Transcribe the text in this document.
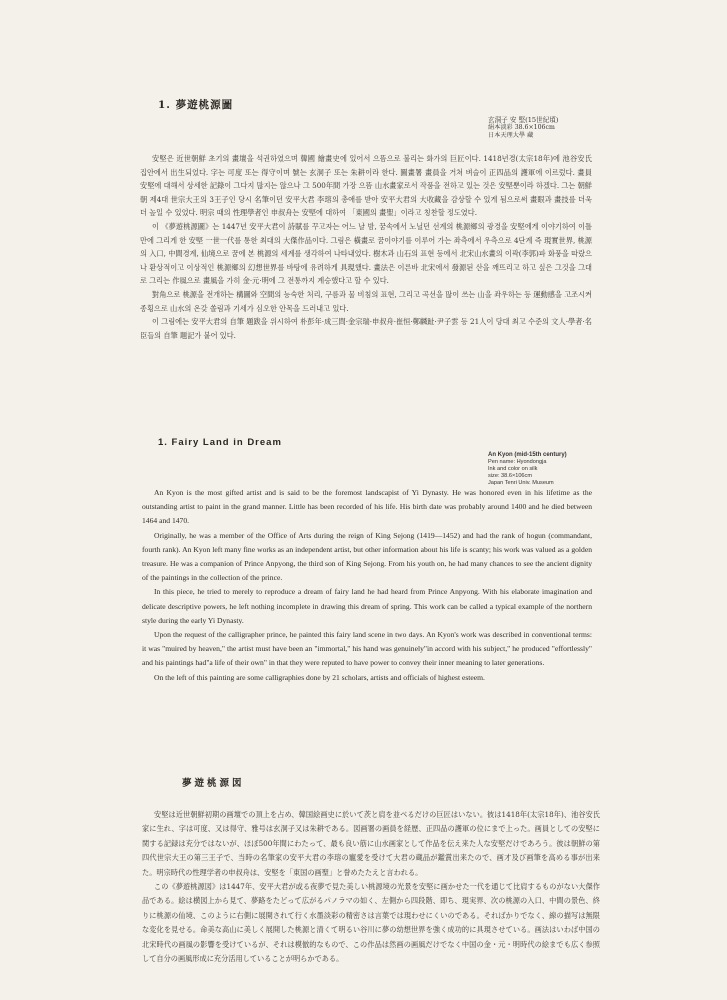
1. 夢遊桃源圖
玄洞子 安 堅(15世紀頃)
絹本淡彩 38.6×106cm
日本天理大學 藏

安堅은 近世朝鮮 초기의 畫壇을 석권하였으며 韓國 繪畫史에 있어서 으뜸으로 불리는 화가의 巨匠이다. 1418년경(太宗18年)에 池谷安氏 집안에서 出生되었다. 字는 可度 또는 得守이며 號는 玄洞子 또는 朱耕이라 한다. 圖畫署 畫員을 거쳐 벼슬이 正四品의 護軍에 이르렀다. 畫員 安堅에 대해서 상세한 記錄이 그다지 많지는 않으나 그 500年間 가장 으뜸 山水畫家로서 작품을 전하고 있는 것은 安堅뿐이라 하겠다. 그는 朝鮮朝 제4대 世宗大王의 3王子인 당시 名筆이던 安平大君 李瑢의 총애를 받아 安平大君의 大收藏을 감상할 수 있게 됨으로써 畫眼과 畫技를 더욱더 높일 수 있었다. 明宗 때의 性理學者인 申叔舟는 安堅에 대하여 「東國의 畫聖」이라고 칭찬할 정도였다.

이 《夢遊桃源圖》는 1447년 安平大君이 詩賦를 꾸고자는 어느 날 밤, 꿈속에서 노닐던 선계의 桃源鄉의 광경을 安堅에게 이야기하여 이틀만에 그리게 한 安堅 一世一代를 통한 최대의 大傑作品이다. 그림은 橫畫로 꿈이야기를 이루어 가는 좌측에서 우측으로 4단계 즉 現實世界, 桃源의 入口, 中間경계, 仙境으로 꿈에 본 桃源의 세계를 생각하여 나타내었다. 樹木과 山石의 표현 등에서 北宋山水畫의 이곽(李郭)파 화풍을 따랐으나 환상적이고 이상적인 桃源鄉의 幻想世界를 바탕에 유려하게 具現했다. 畫法은 이른바 北宋에서 發源된 산을 깨뜨리고 하고 싶은 그것을 그대로 그리는 作風으로 畫風을 가히 金·元·明에 그 전통까지 계승했다고 할 수 있다.

對角으로 桃源을 전개하는 構圖와 空間의 능숙한 처리, 구름과 물 비침의 표현, 그리고 곡선을 많이 쓰는 山을 좌우하는 등 運動感을 고조시켜 종횡으로 山水의 온갖 쏠림과 기세가 심오한 안목을 드러내고 있다.

이 그림에는 安平大君의 自筆 題跋을 위시하여 朴彭年·成三問·金宗瑞·申叔舟·崔恒·鄭麟趾·尹子雲 등 21人이 당대 최고 수준의 文人·學者·名臣들의 自筆 題記가 붙어 있다.

1. Fairy Land in Dream
An Kyon (mid-15th century)
Pen name: Hyondongja
Ink and color on silk
size: 38.6×106cm
Japan Tenri Univ. Museum

An Kyon is the most gifted artist and is said to be the foremost landscapist of Yi Dynasty. He was honored even in his lifetime as the outstanding artist to paint in the grand manner. Little has been recorded of his life. His birth date was probably around 1400 and he died between 1464 and 1470.

Originally, he was a member of the Office of Arts during the reign of King Sejong (1419—1452) and had the rank of hogun (commandant, fourth rank). An Kyon left many fine works as an independent artist, but other information about his life is scanty; his work was valued as a golden treasure. He was a companion of Prince Anpyong, the third son of King Sejong. From his youth on, he had many chances to see the ancient dignity of the paintings in the collection of the prince.

In this piece, he tried to merely to reproduce a dream of fairy land he had heard from Prince Anpyong. With his elaborate imagination and delicate descriptive powers, he left nothing incomplete in drawing this dream of spring. This work can be called a typical example of the northern style during the early Yi Dynasty.

Upon the request of the calligrapher prince, he painted this fairy land scene in two days. An Kyon's work was described in conventional terms: it was "muired by heaven," the artist must have been an "immortal," his hand was genuinely"in accord with his subject," he produced "effortlessly" and his paintings had"a life of their own" in that they were reputed to have power to convey their inner meaning to later generations.

On the left of this painting are some calligraphies done by 21 scholars, artists and officials of highest esteem.

夢遊桃源図

安堅は近世朝鮮初期の画壇での頂上を占め、韓国絵画史に於いて茨と肩を並べるだけの巨匠はいない。彼は1418年(太宗18年)、池谷安氏家に生れ、字は可度、又は得守、雅号は玄洞子又は朱耕である。図画署の画員を経歴、正四品の護軍の位にまで上った。画員としての安堅に関する記録は充分ではないが、ほぼ500年間にわたって、最も良い筋に山水画家として作品を伝え来た人な安堅だけであろう。彼は朝鮮の第四代世宗大王の第三王子で、当時の名筆家の安平大君の李瑢の寵愛を受けて大君の蔵品が鑑賞出来たので、画才及び画筆を高める事が出来た。明宗時代の性理学者の申叔舟は、安堅を「東国の画聖」と誉めたたえと言われる。

この《夢遊桃源図》は1447年、安平大君が或る夜夢で見た美しい桃源境の光景を安堅に画かせた一代を通じて比肩するものがない大傑作品である。絵は横図上から見て、夢路をたどって広がるパノラマの如く、左側から四段階、即ち、現実界、次の桃源の入口、中間の景色、終りに桃源の仙境、このように右側に展開されて行く水墨淡彩の精密さは言葉では現わせにくいのである。そればかりでなく、線の描写は無限な変化を見せる。命美な高山に美しく展開した桃源と清くて明るい谷川に夢の幼想世界を強く成功的に具現させている。画法はいわば中国の北宋時代の画風の影響を受けているが、それは模倣的なもので、この作品は然画の画風だけでなく中国の金・元・明時代の絵までも広く参照して自分の画風形成に充分活用していることが明らかである。
